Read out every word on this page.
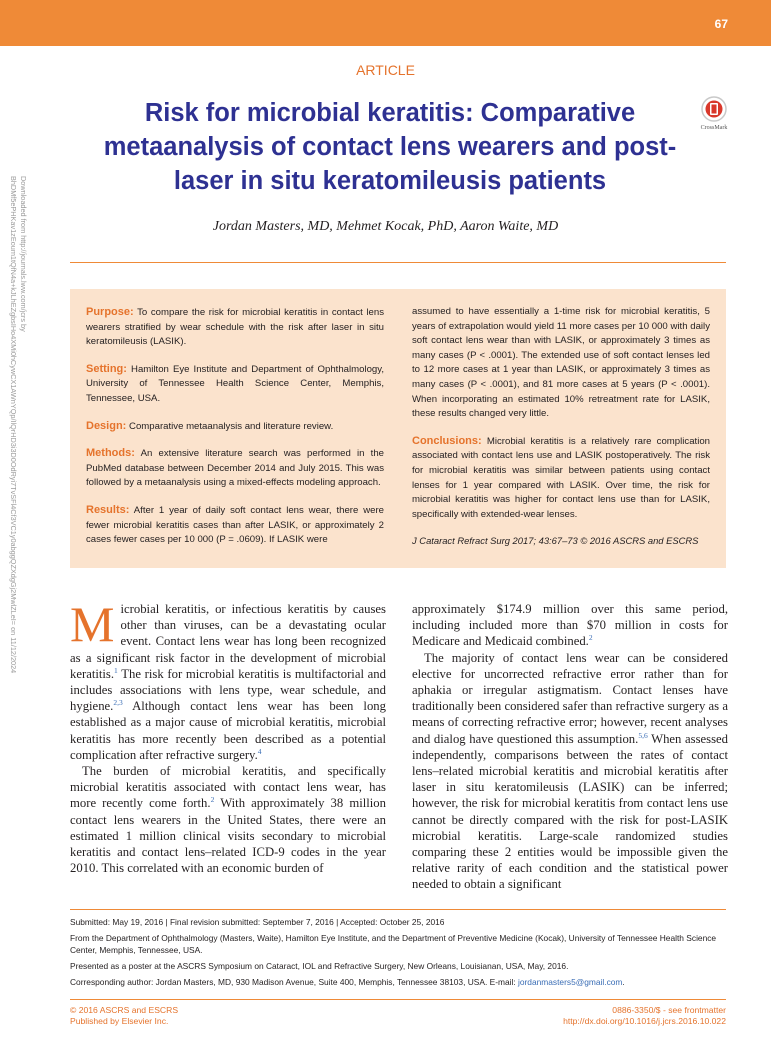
67
Downloaded from http://journals.lww.com/jcrs by BhDMf5ePHKav1zEoum1tQfN4a+kJLhEZgbsIHo4XMi0hCywCX1AWnYQp/IlQrHD3i3D0OdRyi7TvSFl4Cf3VC1y0abggQZXdgGj2MwlZLeI= on 11/12/2024
ARTICLE
Risk for microbial keratitis: Comparative metaanalysis of contact lens wearers and post-laser in situ keratomileusis patients
CrossMark
Jordan Masters, MD, Mehmet Kocak, PhD, Aaron Waite, MD

Purpose: To compare the risk for microbial keratitis in contact lens wearers stratified by wear schedule with the risk after laser in situ keratomileusis (LASIK).

Setting: Hamilton Eye Institute and Department of Ophthalmology, University of Tennessee Health Science Center, Memphis, Tennessee, USA.

Design: Comparative metaanalysis and literature review.

Methods: An extensive literature search was performed in the PubMed database between December 2014 and July 2015. This was followed by a metaanalysis using a mixed-effects modeling approach.

Results: After 1 year of daily soft contact lens wear, there were fewer microbial keratitis cases than after LASIK, or approximately 2 cases fewer cases per 10 000 (P = .0609). If LASIK were

assumed to have essentially a 1-time risk for microbial keratitis, 5 years of extrapolation would yield 11 more cases per 10 000 with daily soft contact lens wear than with LASIK, or approximately 3 times as many cases (P < .0001). The extended use of soft contact lenses led to 12 more cases at 1 year than LASIK, or approximately 3 times as many cases (P < .0001), and 81 more cases at 5 years (P < .0001). When incorporating an estimated 10% retreatment rate for LASIK, these results changed very little.

Conclusions: Microbial keratitis is a relatively rare complication associated with contact lens use and LASIK postoperatively. The risk for microbial keratitis was similar between patients using contact lenses for 1 year compared with LASIK. Over time, the risk for microbial keratitis was higher for contact lens use than for LASIK, specifically with extended-wear lenses.

J Cataract Refract Surg 2017; 43:67–73 © 2016 ASCRS and ESCRS

Microbial keratitis, or infectious keratitis by causes other than viruses, can be a devastating ocular event. Contact lens wear has long been recognized as a significant risk factor in the development of microbial keratitis.$^1$ The risk for microbial keratitis is multifactorial and includes associations with lens type, wear schedule, and hygiene.$^{2,3}$ Although contact lens wear has been long established as a major cause of microbial keratitis, microbial keratitis has more recently been described as a potential complication after refractive surgery.$^4$

The burden of microbial keratitis, and specifically microbial keratitis associated with contact lens wear, has more recently come forth.$^2$ With approximately 38 million contact lens wearers in the United States, there were an estimated 1 million clinical visits secondary to microbial keratitis and contact lens–related ICD-9 codes in the year 2010. This correlated with an economic burden of

approximately $174.9 million over this same period, including included more than $70 million in costs for Medicare and Medicaid combined.$^2$

The majority of contact lens wear can be considered elective for uncorrected refractive error rather than for aphakia or irregular astigmatism. Contact lenses have traditionally been considered safer than refractive surgery as a means of correcting refractive error; however, recent analyses and dialog have questioned this assumption.$^{5,6}$ When assessed independently, comparisons between the rates of contact lens–related microbial keratitis and microbial keratitis after laser in situ keratomileusis (LASIK) can be inferred; however, the risk for microbial keratitis from contact lens use cannot be directly compared with the risk for post-LASIK microbial keratitis. Large-scale randomized studies comparing these 2 entities would be impossible given the relative rarity of each condition and the statistical power needed to obtain a significant

Submitted: May 19, 2016 | Final revision submitted: September 7, 2016 | Accepted: October 25, 2016

From the Department of Ophthalmology (Masters, Waite), Hamilton Eye Institute, and the Department of Preventive Medicine (Kocak), University of Tennessee Health Science Center, Memphis, Tennessee, USA.

Presented as a poster at the ASCRS Symposium on Cataract, IOL and Refractive Surgery, New Orleans, Louisianan, USA, May, 2016.

Corresponding author: Jordan Masters, MD, 930 Madison Avenue, Suite 400, Memphis, Tennessee 38103, USA. E-mail: jordanmasters5@gmail.com.

© 2016 ASCRS and ESCRS
Published by Elsevier Inc.
0886-3350/$ - see frontmatter
http://dx.doi.org/10.1016/j.jcrs.2016.10.022
